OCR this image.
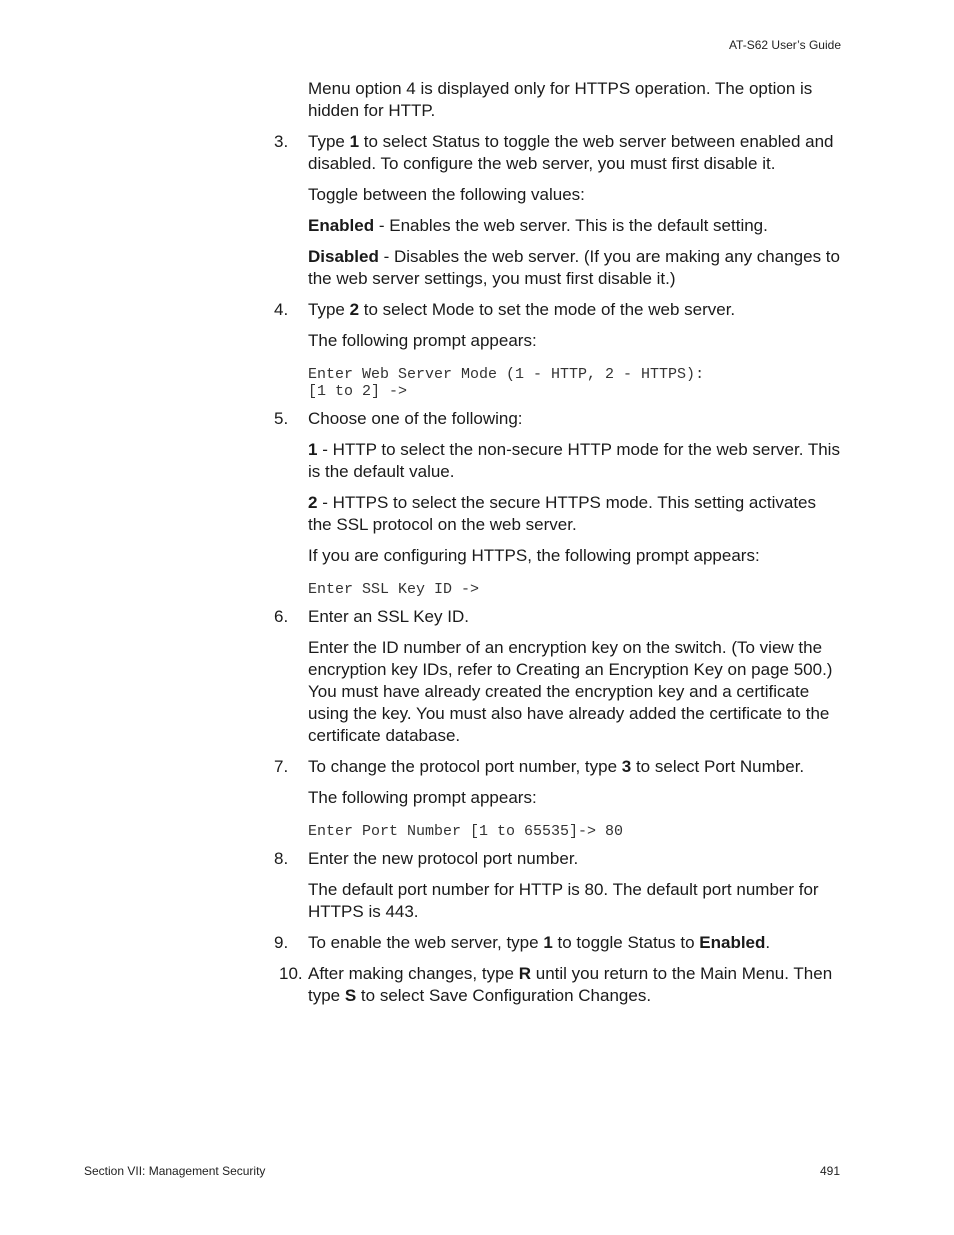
AT-S62 User’s Guide

Menu option 4 is displayed only for HTTPS operation. The option is hidden for HTTP.

3.	Type 1 to select Status to toggle the web server between enabled and disabled. To configure the web server, you must first disable it.

Toggle between the following values:

Enabled - Enables the web server. This is the default setting.

Disabled - Disables the web server. (If you are making any changes to the web server settings, you must first disable it.)

4.	Type 2 to select Mode to set the mode of the web server.

The following prompt appears:

Enter Web Server Mode (1 - HTTP, 2 - HTTPS):
[1 to 2] ->
5.	Choose one of the following:

1 - HTTP to select the non-secure HTTP mode for the web server. This is the default value.

2 - HTTPS to select the secure HTTPS mode. This setting activates the SSL protocol on the web server.

If you are configuring HTTPS, the following prompt appears:

Enter SSL Key ID ->
6.	Enter an SSL Key ID.

Enter the ID number of an encryption key on the switch. (To view the encryption key IDs, refer to Creating an Encryption Key on page 500.) You must have already created the encryption key and a certificate using the key. You must also have already added the certificate to the certificate database.

7.	To change the protocol port number, type 3 to select Port Number.

The following prompt appears:

Enter Port Number [1 to 65535]-> 80
8.	Enter the new protocol port number.

The default port number for HTTP is 80. The default port number for HTTPS is 443.

9.	To enable the web server, type 1 to toggle Status to Enabled.
10. After making changes, type R until you return to the Main Menu. Then type S to select Save Configuration Changes.
Section VII: Management Security	491
